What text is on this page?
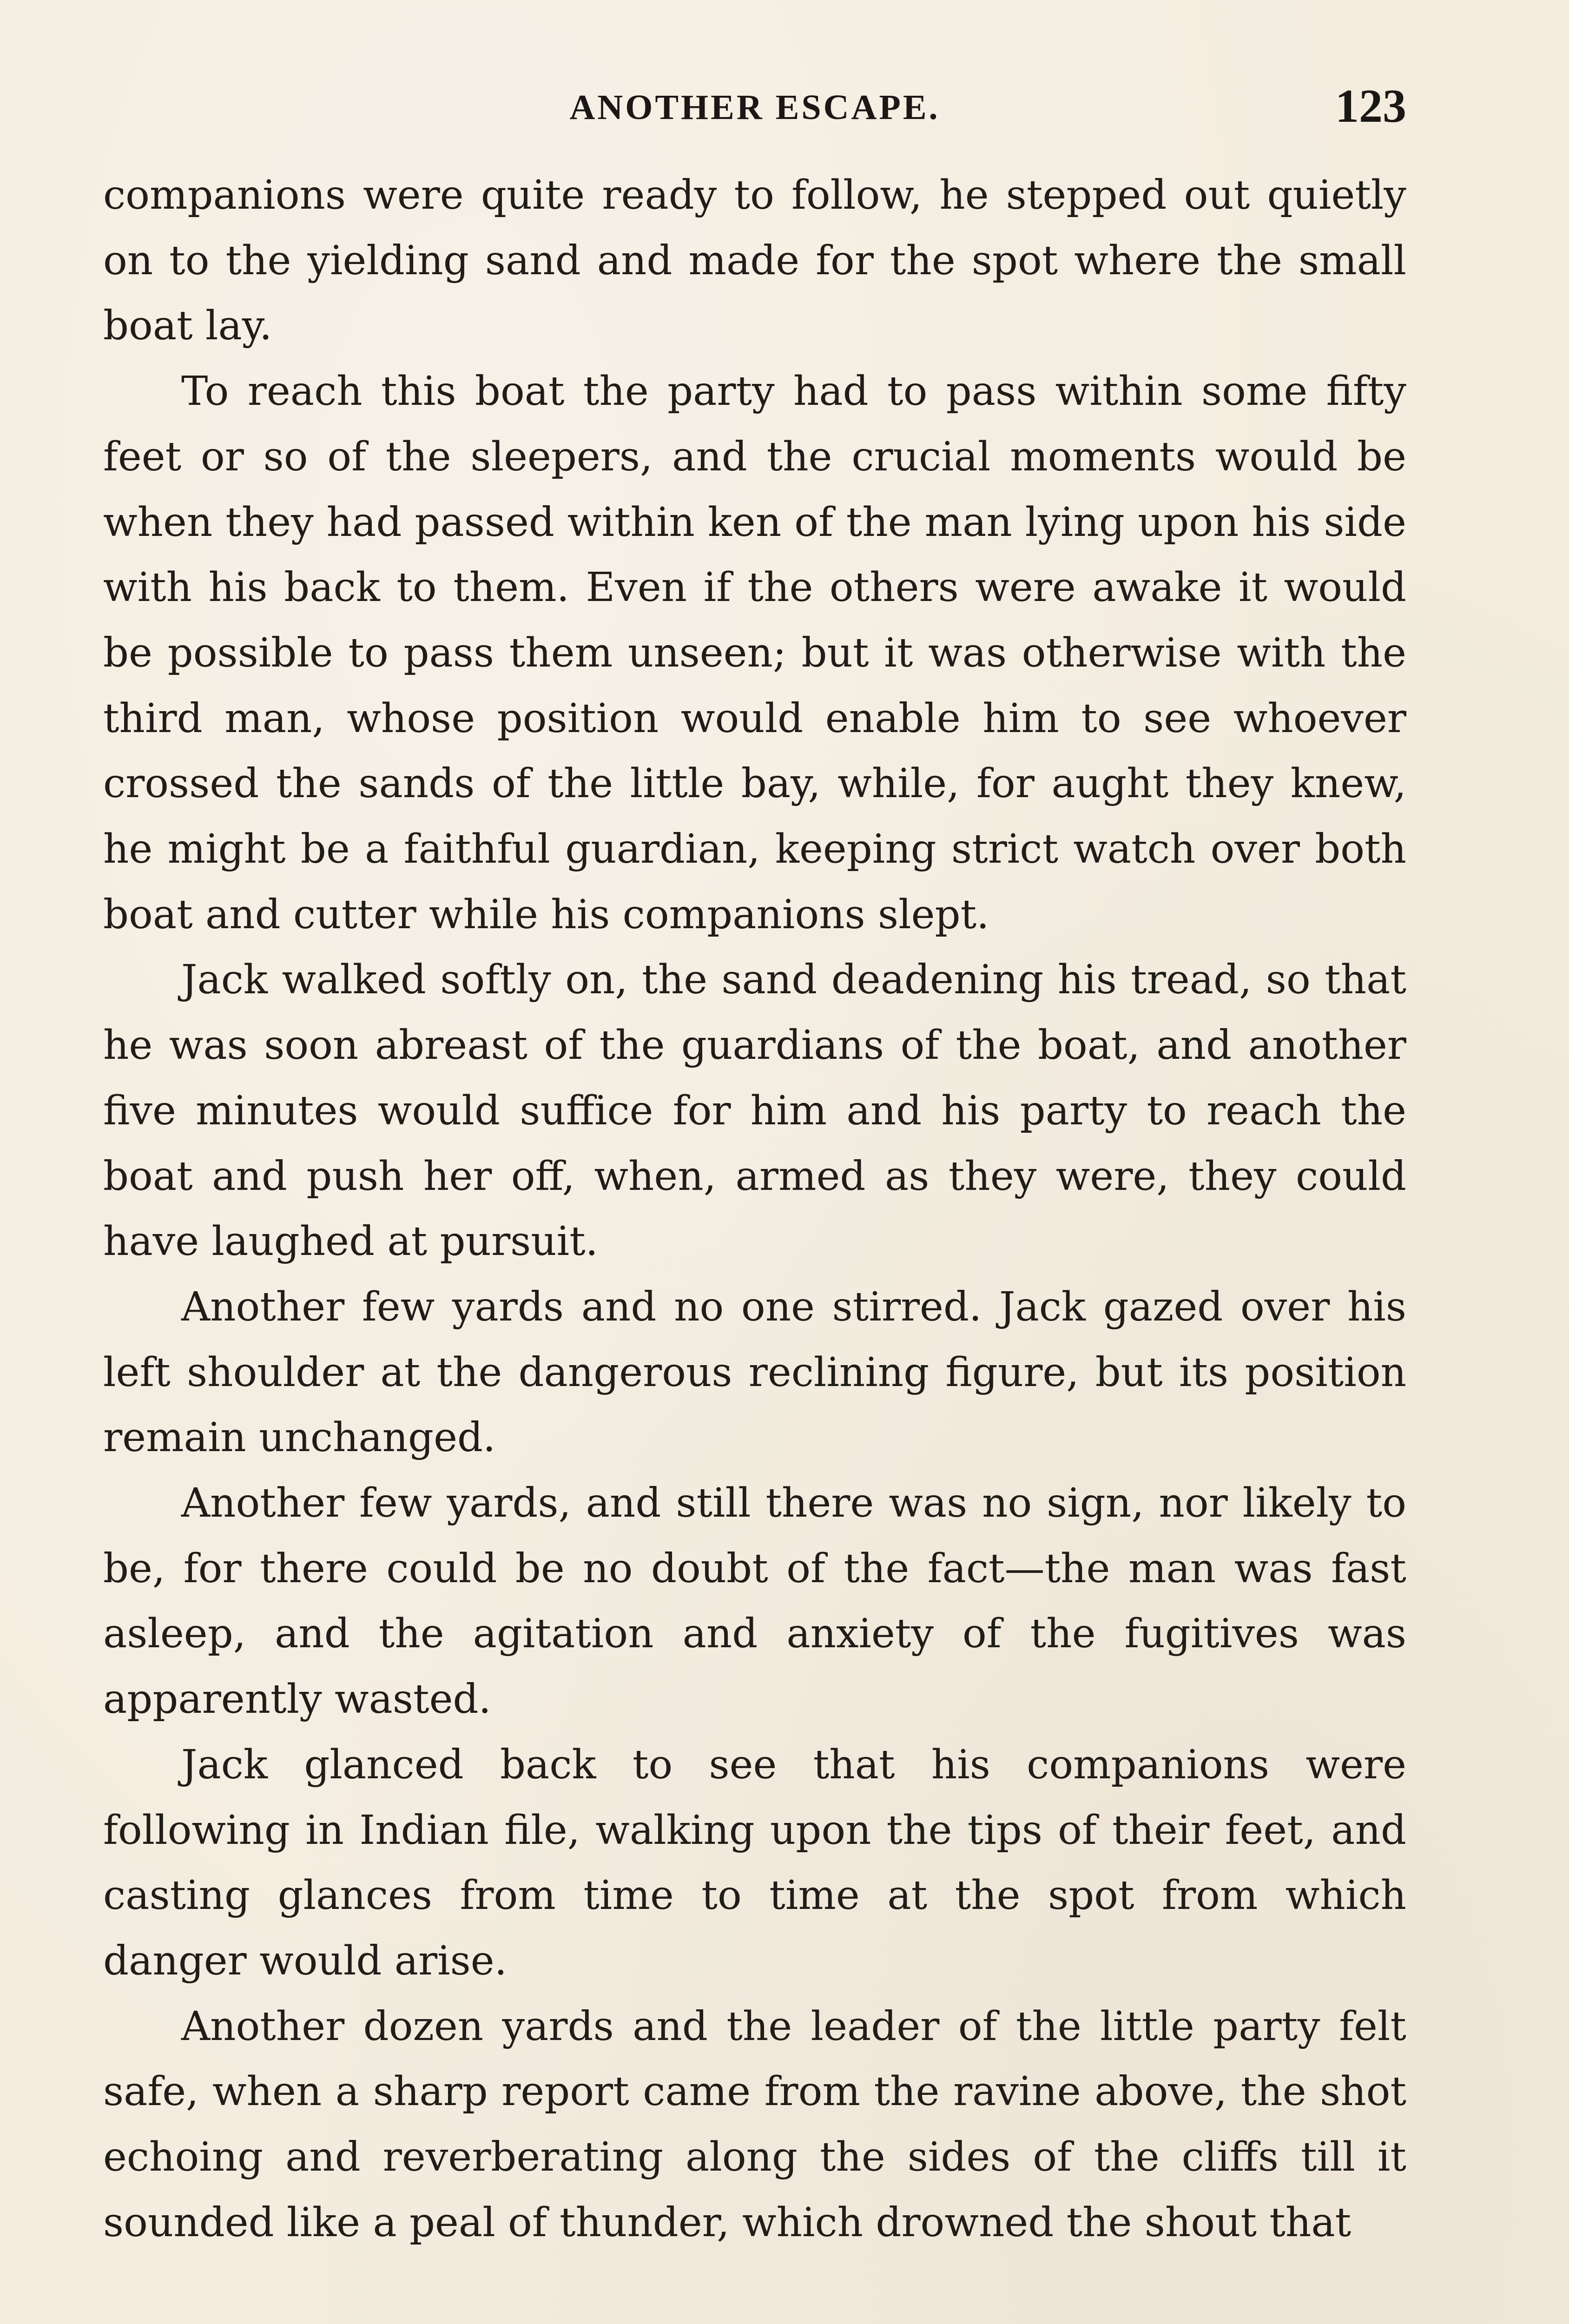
ANOTHER ESCAPE.	123

companions were quite ready to follow, he stepped out quietly on to the yielding sand and made for the spot where the small boat lay.

To reach this boat the party had to pass within some fifty feet or so of the sleepers, and the crucial moments would be when they had passed within ken of the man lying upon his side with his back to them. Even if the others were awake it would be possible to pass them unseen; but it was otherwise with the third man, whose position would enable him to see whoever crossed the sands of the little bay, while, for aught they knew, he might be a faithful guardian, keeping strict watch over both boat and cutter while his companions slept.

Jack walked softly on, the sand deadening his tread, so that he was soon abreast of the guardians of the boat, and another five minutes would suffice for him and his party to reach the boat and push her off, when, armed as they were, they could have laughed at pursuit.

Another few yards and no one stirred. Jack gazed over his left shoulder at the dangerous reclining figure, but its position remain unchanged.

Another few yards, and still there was no sign, nor likely to be, for there could be no doubt of the fact—the man was fast asleep, and the agitation and anxiety of the fugitives was apparently wasted.

Jack glanced back to see that his companions were following in Indian file, walking upon the tips of their feet, and casting glances from time to time at the spot from which danger would arise.

Another dozen yards and the leader of the little party felt safe, when a sharp report came from the ravine above, the shot echoing and reverberating along the sides of the cliffs till it sounded like a peal of thunder, which drowned the shout that
